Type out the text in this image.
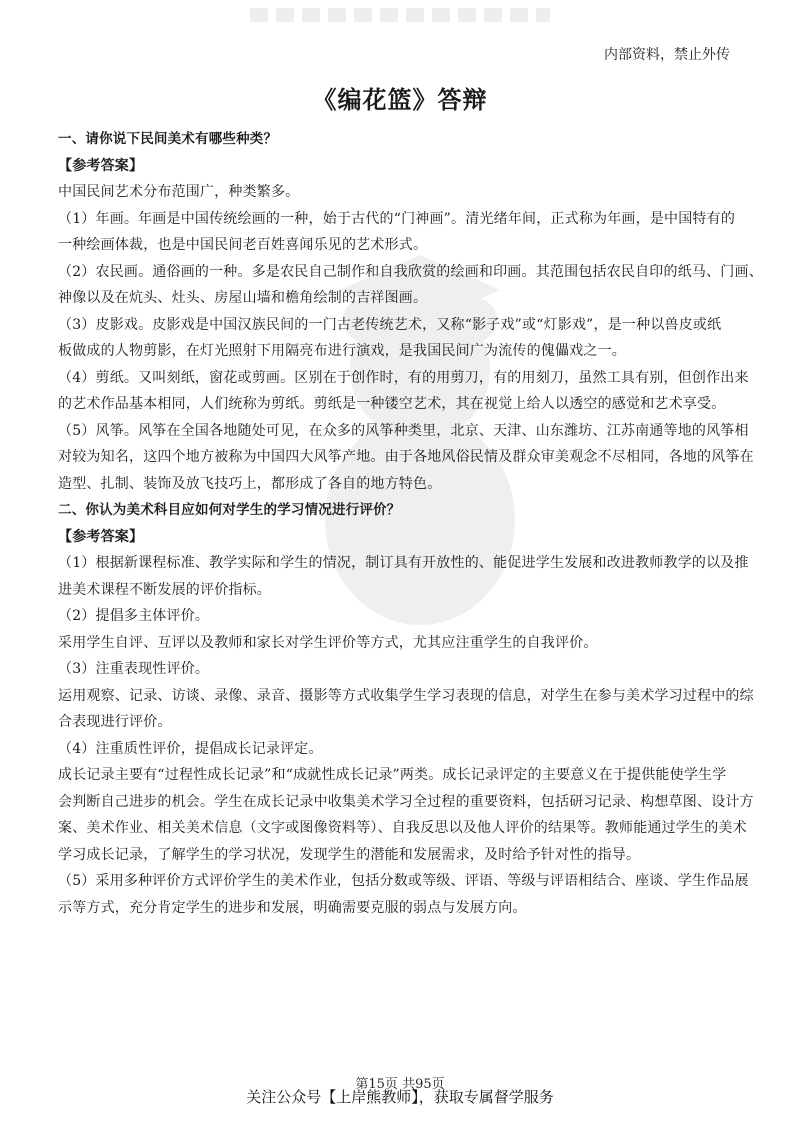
内部资料，禁止外传
《编花篮》答辩
一、请你说下民间美术有哪些种类？
【参考答案】
中国民间艺术分布范围广，种类繁多。
（1）年画。年画是中国传统绘画的一种，始于古代的“门神画”。清光绪年间，正式称为年画，是中国特有的
一种绘画体裁，也是中国民间老百姓喜闻乐见的艺术形式。
（2）农民画。通俗画的一种。多是农民自己制作和自我欣赏的绘画和印画。其范围包括农民自印的纸马、门画、
神像以及在炕头、灶头、房屋山墙和檐角绘制的吉祥图画。
（3）皮影戏。皮影戏是中国汉族民间的一门古老传统艺术，又称“影子戏”或“灯影戏”，是一种以兽皮或纸
板做成的人物剪影，在灯光照射下用隔亮布进行演戏，是我国民间广为流传的傀儡戏之一。
（4）剪纸。又叫刻纸，窗花或剪画。区别在于创作时，有的用剪刀，有的用刻刀，虽然工具有别，但创作出来
的艺术作品基本相同，人们统称为剪纸。剪纸是一种镂空艺术，其在视觉上给人以透空的感觉和艺术享受。
（5）风筝。风筝在全国各地随处可见，在众多的风筝种类里，北京、天津、山东潍坊、江苏南通等地的风筝相
对较为知名，这四个地方被称为中国四大风筝产地。由于各地风俗民情及群众审美观念不尽相同，各地的风筝在
造型、扎制、装饰及放飞技巧上，都形成了各自的地方特色。
二、你认为美术科目应如何对学生的学习情况进行评价？
【参考答案】
（1）根据新课程标准、教学实际和学生的情况，制订具有开放性的、能促进学生发展和改进教师教学的以及推
进美术课程不断发展的评价指标。
（2）提倡多主体评价。
采用学生自评、互评以及教师和家长对学生评价等方式，尤其应注重学生的自我评价。
（3）注重表现性评价。
运用观察、记录、访谈、录像、录音、摄影等方式收集学生学习表现的信息，对学生在参与美术学习过程中的综
合表现进行评价。
（4）注重质性评价，提倡成长记录评定。
成长记录主要有“过程性成长记录”和“成就性成长记录”两类。成长记录评定的主要意义在于提供能使学生学
会判断自己进步的机会。学生在成长记录中收集美术学习全过程的重要资料，包括研习记录、构想草图、设计方
案、美术作业、相关美术信息（文字或图像资料等）、自我反思以及他人评价的结果等。教师能通过学生的美术
学习成长记录，了解学生的学习状况，发现学生的潜能和发展需求，及时给予针对性的指导。
（5）采用多种评价方式评价学生的美术作业，包括分数或等级、评语、等级与评语相结合、座谈、学生作品展
示等方式，充分肯定学生的进步和发展，明确需要克服的弱点与发展方向。
第15页 共95页
关注公众号【上岸熊教师】，获取专属督学服务
